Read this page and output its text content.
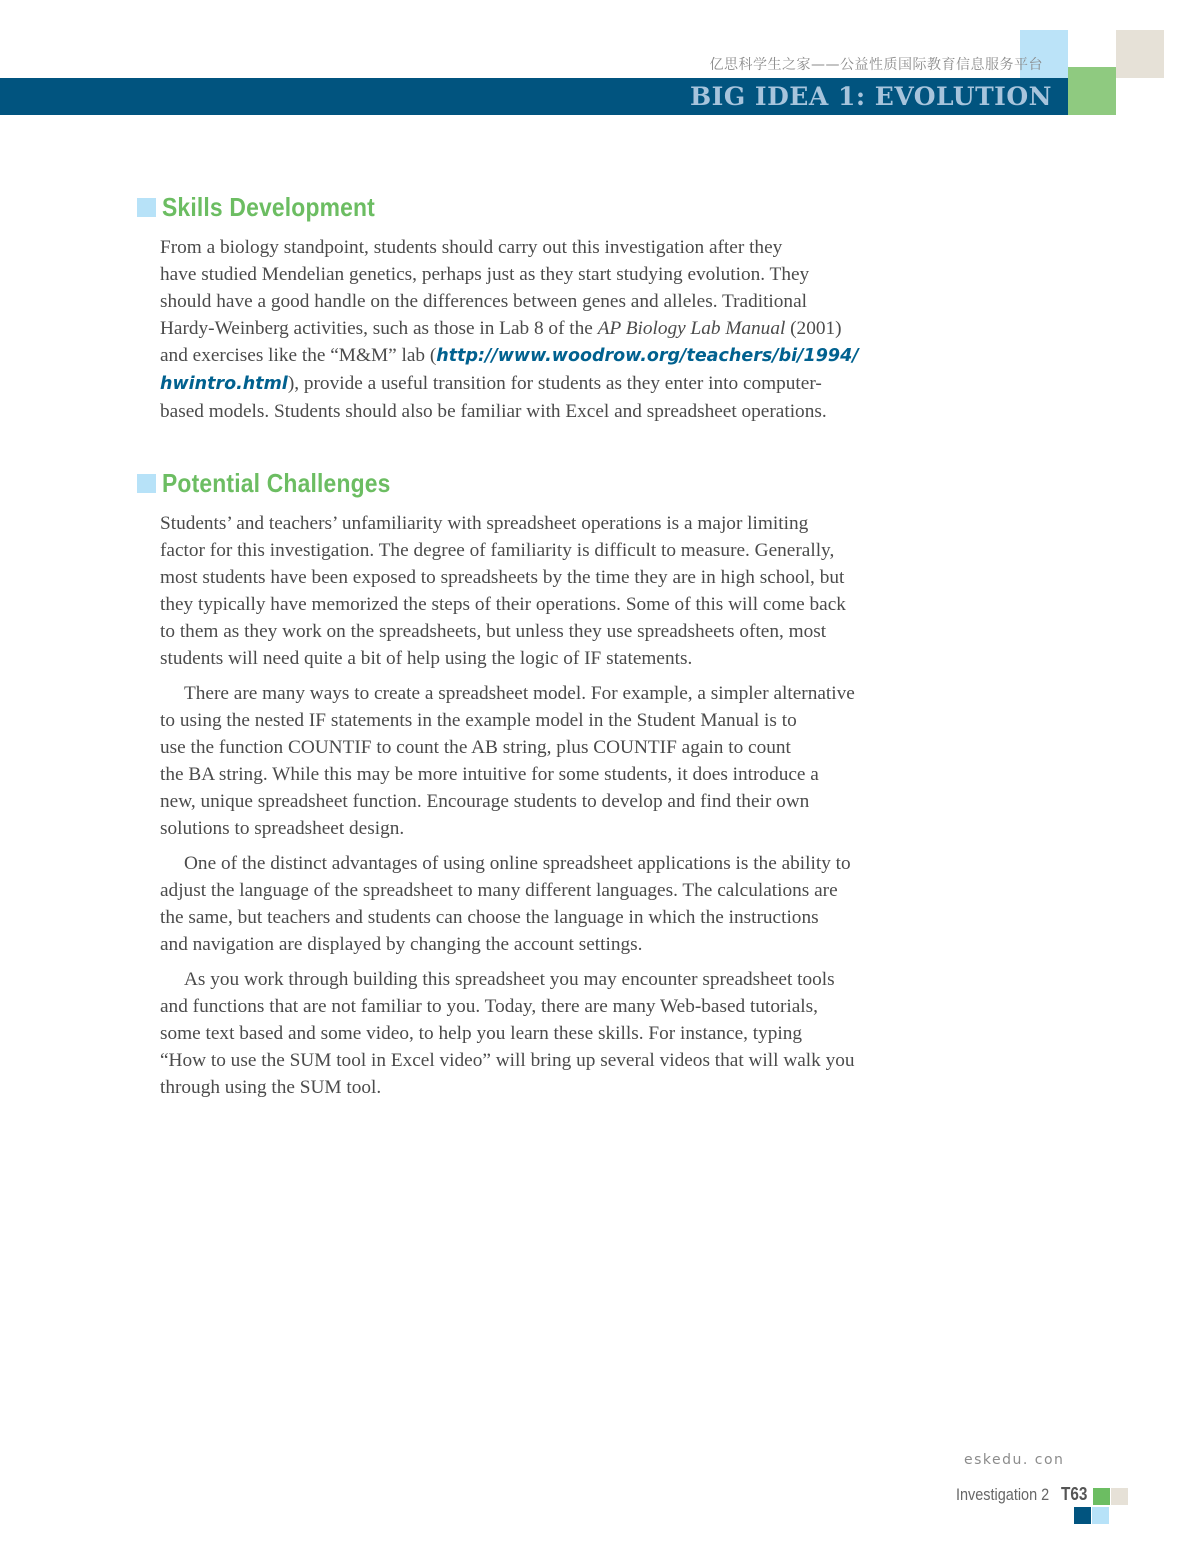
亿思科学生之家——公益性质国际教育信息服务平台
BIG IDEA 1: EVOLUTION
Skills Development

From a biology standpoint, students should carry out this investigation after they
have studied Mendelian genetics, perhaps just as they start studying evolution. They
should have a good handle on the differences between genes and alleles. Traditional
Hardy-Weinberg activities, such as those in Lab 8 of the AP Biology Lab Manual (2001)
and exercises like the “M&M” lab (http://www.woodrow.org/teachers/bi/1994/
hwintro.html), provide a useful transition for students as they enter into computer-
based models. Students should also be familiar with Excel and spreadsheet operations.

Potential Challenges

Students’ and teachers’ unfamiliarity with spreadsheet operations is a major limiting
factor for this investigation. The degree of familiarity is difficult to measure. Generally,
most students have been exposed to spreadsheets by the time they are in high school, but
they typically have memorized the steps of their operations. Some of this will come back
to them as they work on the spreadsheets, but unless they use spreadsheets often, most
students will need quite a bit of help using the logic of IF statements.

There are many ways to create a spreadsheet model. For example, a simpler alternative
to using the nested IF statements in the example model in the Student Manual is to
use the function COUNTIF to count the AB string, plus COUNTIF again to count
the BA string. While this may be more intuitive for some students, it does introduce a
new, unique spreadsheet function. Encourage students to develop and find their own
solutions to spreadsheet design.

One of the distinct advantages of using online spreadsheet applications is the ability to
adjust the language of the spreadsheet to many different languages. The calculations are
the same, but teachers and students can choose the language in which the instructions
and navigation are displayed by changing the account settings.

As you work through building this spreadsheet you may encounter spreadsheet tools
and functions that are not familiar to you. Today, there are many Web-based tutorials,
some text based and some video, to help you learn these skills. For instance, typing
“How to use the SUM tool in Excel video” will bring up several videos that will walk you
through using the SUM tool.

eskedu. con
Investigation 2 T63
